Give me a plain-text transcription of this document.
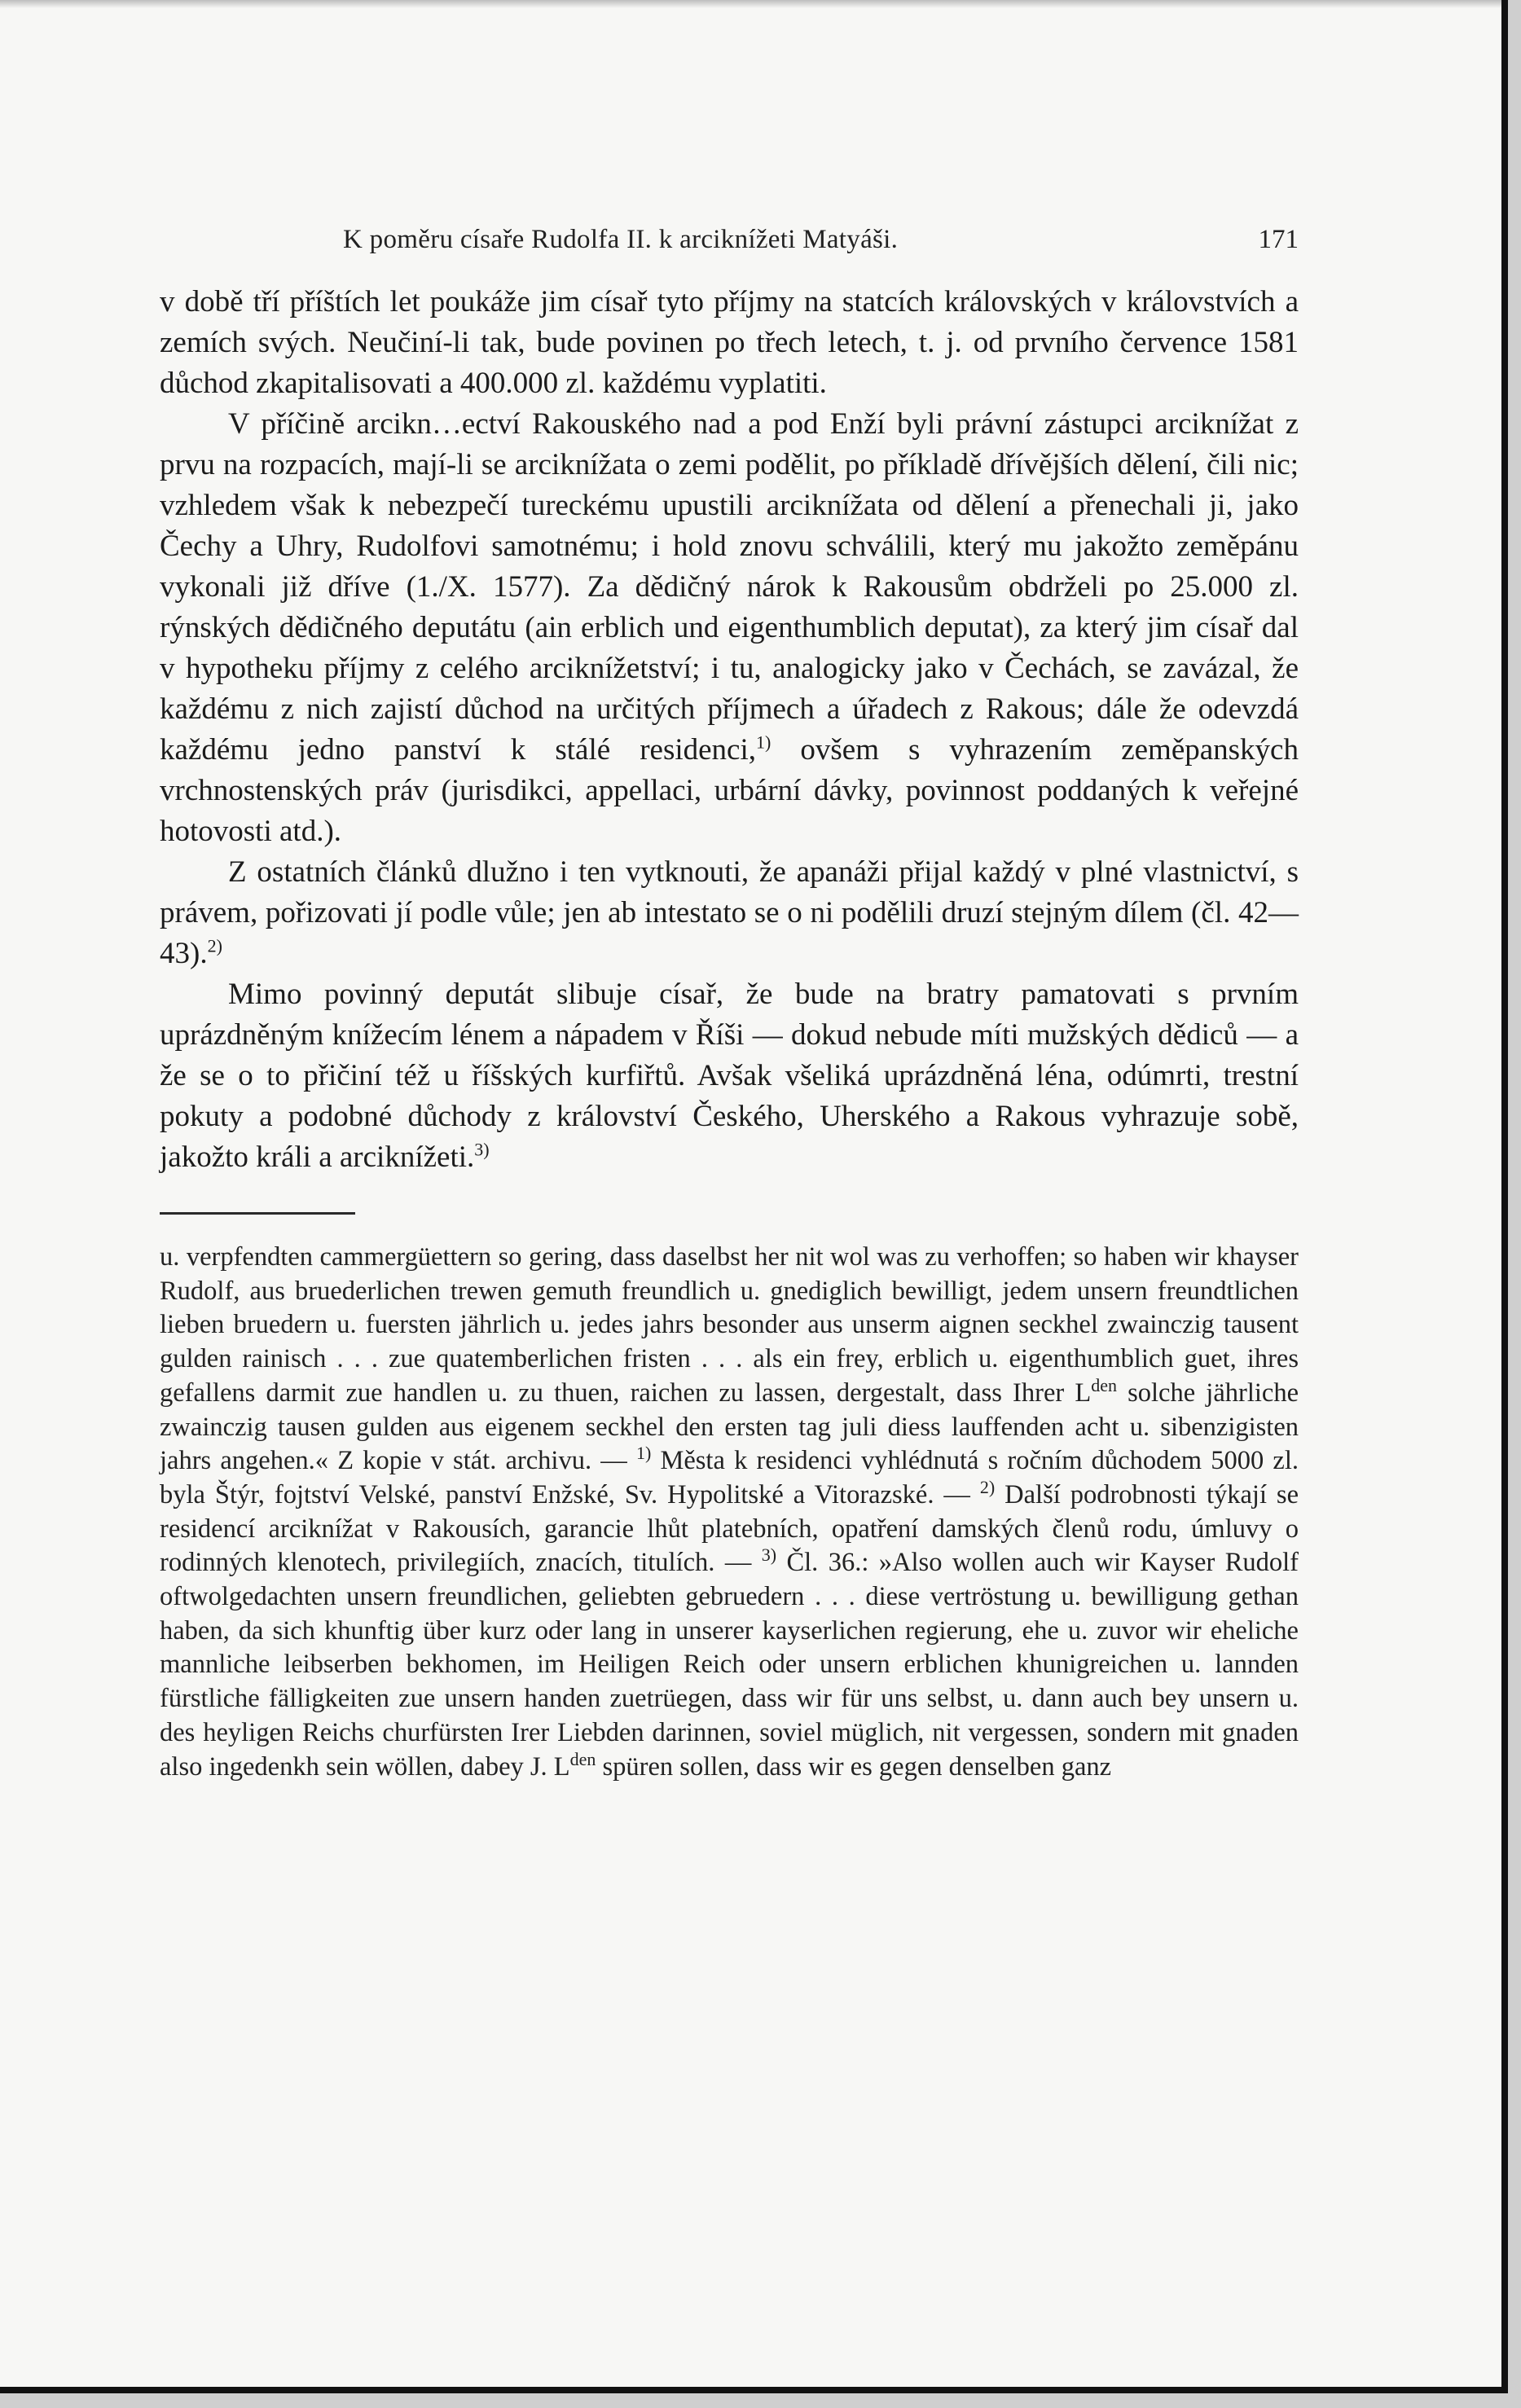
K poměru císaře Rudolfa II. k arciknížeti Matyáši.	171

v době tří příštích let poukáže jim císař tyto příjmy na statcích královských v královstvích a zemích svých. Neučiní-li tak, bude povinen po třech letech, t. j. od prvního července 1581 důchod zkapitalisovati a 400.000 zl. každému vyplatiti.

V příčině arcikn…ectví Rakouského nad a pod Enží byli právní zástupci arciknížat z prvu na rozpacích, mají-li se arciknížata o zemi podělit, po příkladě dřívějších dělení, čili nic; vzhledem však k nebezpečí tureckému upustili arciknížata od dělení a přenechali ji, jako Čechy a Uhry, Rudolfovi samotnému; i hold znovu schválili, který mu jakožto zeměpánu vykonali již dříve (1./X. 1577). Za dědičný nárok k Rakousům obdrželi po 25.000 zl. rýnských dědičného deputátu (ain erblich und eigenthumblich deputat), za který jim císař dal v hypotheku příjmy z celého arciknížetství; i tu, analogicky jako v Čechách, se zavázal, že každému z nich zajistí důchod na určitých příjmech a úřadech z Rakous; dále že odevzdá každému jedno panství k stálé residenci,$^{1)}$ ovšem s vyhrazením zeměpanských vrchnostenských práv (jurisdikci, appellaci, urbární dávky, povinnost poddaných k veřejné hotovosti atd.).

Z ostatních článků dlužno i ten vytknouti, že apanáži přijal každý v plné vlastnictví, s právem, pořizovati jí podle vůle; jen ab intestato se o ni podělili druzí stejným dílem (čl. 42—43).$^{2)}$

Mimo povinný deputát slibuje císař, že bude na bratry pamatovati s prvním uprázdněným knížecím lénem a nápadem v Říši — dokud nebude míti mužských dědiců — a že se o to přičiní též u říšských kurfiřtů. Avšak všeliká uprázdněná léna, odúmrti, trestní pokuty a podobné důchody z království Českého, Uherského a Rakous vyhrazuje sobě, jakožto králi a arciknížeti.$^{3)}$

u. verpfendten cammergüettern so gering, dass daselbst her nit wol was zu verhoffen; so haben wir khayser Rudolf, aus bruederlichen trewen gemuth freundlich u. gnediglich bewilligt, jedem unsern freundtlichen lieben bruedern u. fuersten jährlich u. jedes jahrs besonder aus unserm aignen seckhel zwainczig tausent gulden rainisch . . . zue quatemberlichen fristen . . . als ein frey, erblich u. eigenthumblich guet, ihres gefallens darmit zue handlen u. zu thuen, raichen zu lassen, dergestalt, dass Ihrer $L^{den}$ solche jährliche zwainczig tausen gulden aus eigenem seckhel den ersten tag juli diess lauffenden acht u. sibenzigisten jahrs angehen.« Z kopie v stát. archivu. — $^{1)}$ Města k residenci vyhlédnutá s ročním důchodem 5000 zl. byla Štýr, fojtství Velské, panství Enžské, Sv. Hypolitské a Vitorazské. — $^{2)}$ Další podrobnosti týkají se residencí arciknížat v Rakousích, garancie lhůt platebních, opatření damských členů rodu, úmluvy o rodinných klenotech, privilegiích, znacích, titulích. — $^{3)}$ Čl. 36.: »Also wollen auch wir Kayser Rudolf oftwolgedachten unsern freundlichen, geliebten gebruedern . . . diese vertröstung u. bewilligung gethan haben, da sich khunftig über kurz oder lang in unserer kayserlichen regierung, ehe u. zuvor wir eheliche mannliche leibserben bekhomen, im Heiligen Reich oder unsern erblichen khunigreichen u. lannden fürstliche fälligkeiten zue unsern handen zuetrüegen, dass wir für uns selbst, u. dann auch bey unsern u. des heyligen Reichs churfürsten Irer Liebden darinnen, soviel müglich, nit vergessen, sondern mit gnaden also ingedenkh sein wöllen, dabey J. $L^{den}$ spüren sollen, dass wir es gegen denselben ganz
